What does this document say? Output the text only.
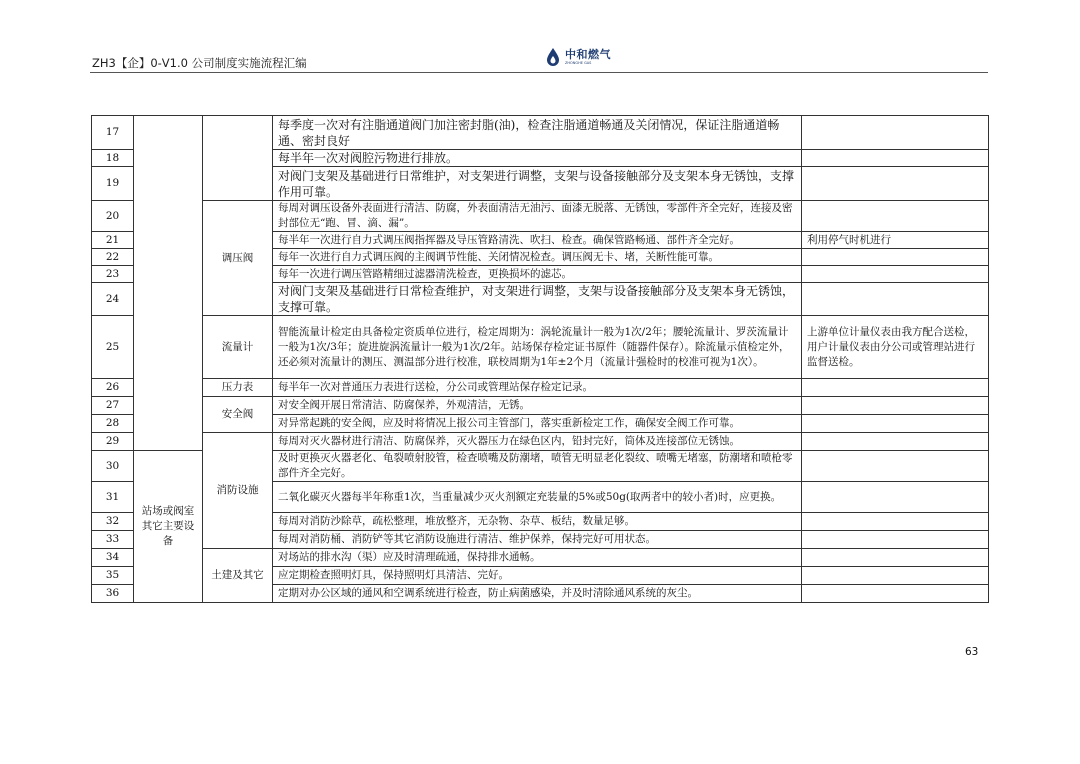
ZH3【企】0-V1.0 公司制度实施流程汇编
中和燃气
ZHONGHE GAS
17			每季度一次对有注脂通道阀门加注密封脂(油)，检查注脂通道畅通及关闭情况，保证注脂通道畅通、密封良好	
18			每半年一次对阀腔污物进行排放。	
19			对阀门支架及基础进行日常维护，对支架进行调整，支架与设备接触部分及支架本身无锈蚀，支撑作用可靠。	
20		调压阀	每周对调压设备外表面进行清洁、防腐，外表面清洁无油污、面漆无脱落、无锈蚀，零部件齐全完好，连接及密封部位无“跑、冒、滴、漏”。	
21			每半年一次进行自力式调压阀指挥器及导压管路清洗、吹扫、检查。确保管路畅通、部件齐全完好。	利用停气时机进行
22			每年一次进行自力式调压阀的主阀调节性能、关闭情况检查。调压阀无卡、堵，关断性能可靠。	
23			每年一次进行调压管路精细过滤器清洗检查，更换损坏的滤芯。	
24			对阀门支架及基础进行日常检查维护，对支架进行调整，支架与设备接触部分及支架本身无锈蚀，支撑可靠。	
25		流量计	智能流量计检定由具备检定资质单位进行，检定周期为：涡轮流量计一般为1次/2年；腰轮流量计、罗茨流量计一般为1次/3年；旋进旋涡流量计一般为1次/2年。站场保存检定证书原件（随器件保存）。除流量示值检定外，还必须对流量计的测压、测温部分进行校准，联校周期为1年±2个月（流量计强检时的校准可视为1次）。	上游单位计量仪表由我方配合送检，用户计量仪表由分公司或管理站进行监督送检。
26		压力表	每半年一次对普通压力表进行送检，分公司或管理站保存检定记录。	
27		安全阀	对安全阀开展日常清洁、防腐保养，外观清洁，无锈。	
28			对异常起跳的安全阀，应及时将情况上报公司主管部门，落实重新检定工作，确保安全阀工作可靠。	
29		消防设施	每周对灭火器材进行清洁、防腐保养，灭火器压力在绿色区内，铅封完好，筒体及连接部位无锈蚀。	
30	站场或阀室其它主要设备		及时更换灭火器老化、龟裂喷射胶管，检查喷嘴及防潮堵，喷管无明显老化裂纹、喷嘴无堵塞，防潮堵和喷枪零部件齐全完好。	
31			二氧化碳灭火器每半年称重1次，当重量减少灭火剂额定充装量的5%或50g(取两者中的较小者)时，应更换。	
32			每周对消防沙除草，疏松整理，堆放整齐，无杂物、杂草、板结，数量足够。	
33			每周对消防桶、消防铲等其它消防设施进行清洁、维护保养，保持完好可用状态。	
34		土建及其它	对场站的排水沟（渠）应及时清理疏通，保持排水通畅。	
35			应定期检查照明灯具，保持照明灯具清洁、完好。	
36			定期对办公区域的通风和空调系统进行检查，防止病菌感染，并及时清除通风系统的灰尘。	
63
